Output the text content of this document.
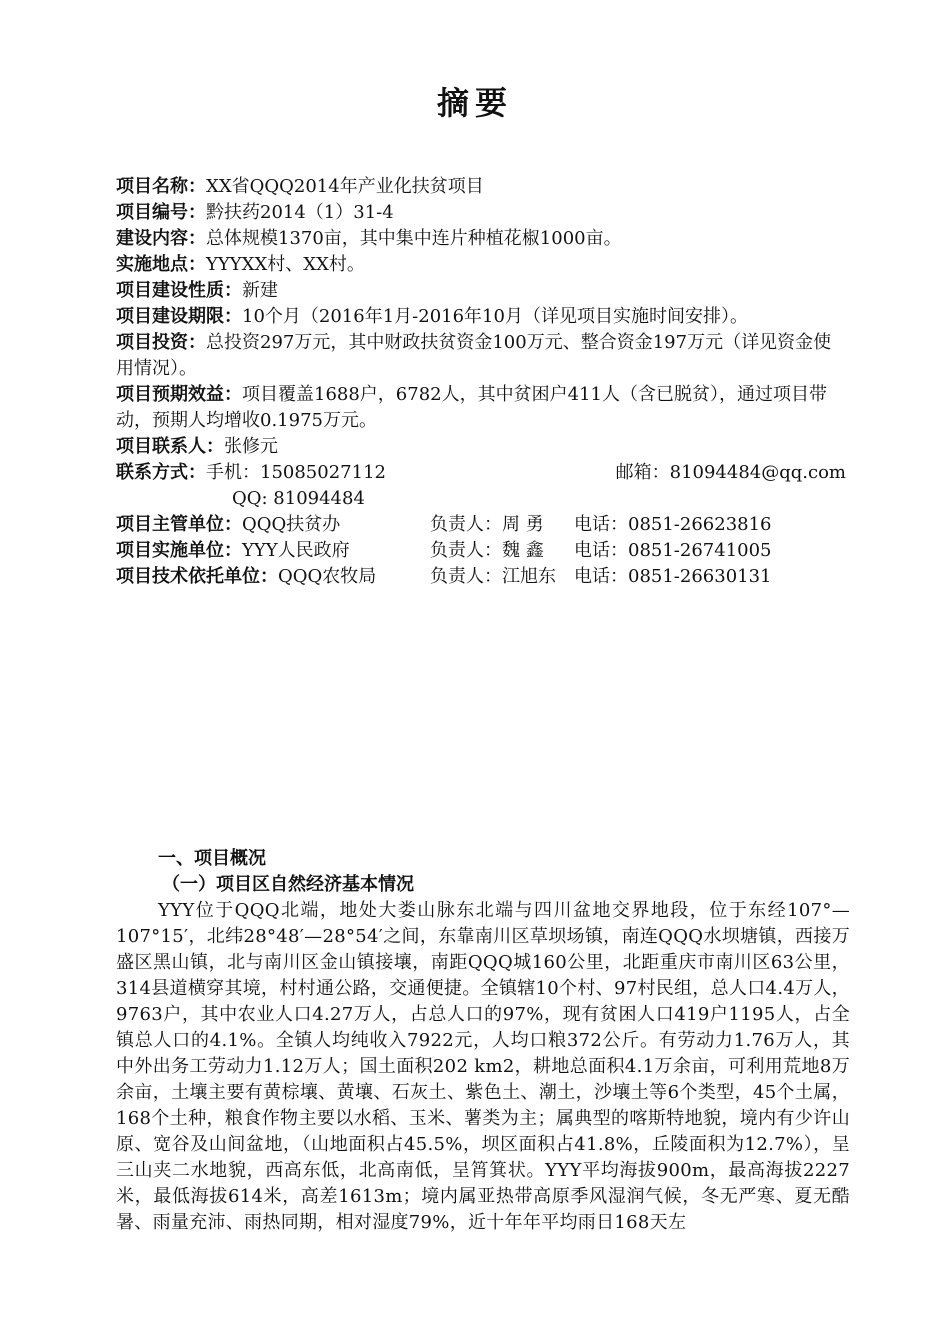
摘要
项目名称：XX省QQQ2014年产业化扶贫项目
项目编号：黔扶药2014（1）31-4
建设内容：总体规模1370亩，其中集中连片种植花椒1000亩。
实施地点：YYYXX村、XX村。
项目建设性质：新建
项目建设期限：10个月（2016年1月-2016年10月（详见项目实施时间安排）。
项目投资：总投资297万元，其中财政扶贫资金100万元、整合资金197万元（详见资金使用情况）。
项目预期效益：项目覆盖1688户，6782人，其中贫困户411人（含已脱贫），通过项目带动，预期人均增收0.1975万元。
项目联系人：张修元
联系方式：手机：15085027112	邮箱：81094484@qq.com
QQ: 81094484
项目主管单位：QQQ扶贫办	负责人：周 勇	电话：0851-26623816
项目实施单位：YYY人民政府	负责人：魏 鑫	电话：0851-26741005
项目技术依托单位：QQQ农牧局	负责人：江旭东	电话：0851-26630131
一、项目概况
（一）项目区自然经济基本情况
YYY位于QQQ北端，地处大娄山脉东北端与四川盆地交界地段，位于东经107°—107°15′，北纬28°48′—28°54′之间，东靠南川区草坝场镇，南连QQQ水坝塘镇，西接万盛区黑山镇，北与南川区金山镇接壤，南距QQQ城160公里，北距重庆市南川区63公里，314县道横穿其境，村村通公路，交通便捷。全镇辖10个村、97村民组，总人口4.4万人，9763户，其中农业人口4.27万人，占总人口的97%，现有贫困人口419户1195人，占全镇总人口的4.1%。全镇人均纯收入7922元，人均口粮372公斤。有劳动力1.76万人，其中外出务工劳动力1.12万人；国土面积202 km2，耕地总面积4.1万余亩，可利用荒地8万余亩，土壤主要有黄棕壤、黄壤、石灰土、紫色土、潮土，沙壤土等6个类型，45个土属，168个土种，粮食作物主要以水稻、玉米、薯类为主；属典型的喀斯特地貌，境内有少许山原、宽谷及山间盆地，（山地面积占45.5%，坝区面积占41.8%，丘陵面积为12.7%），呈三山夹二水地貌，西高东低，北高南低，呈筲箕状。YYY平均海拔900m，最高海拔2227米，最低海拔614米，高差1613m；境内属亚热带高原季风湿润气候，冬无严寒、夏无酷暑、雨量充沛、雨热同期，相对湿度79%，近十年年平均雨日168天左
